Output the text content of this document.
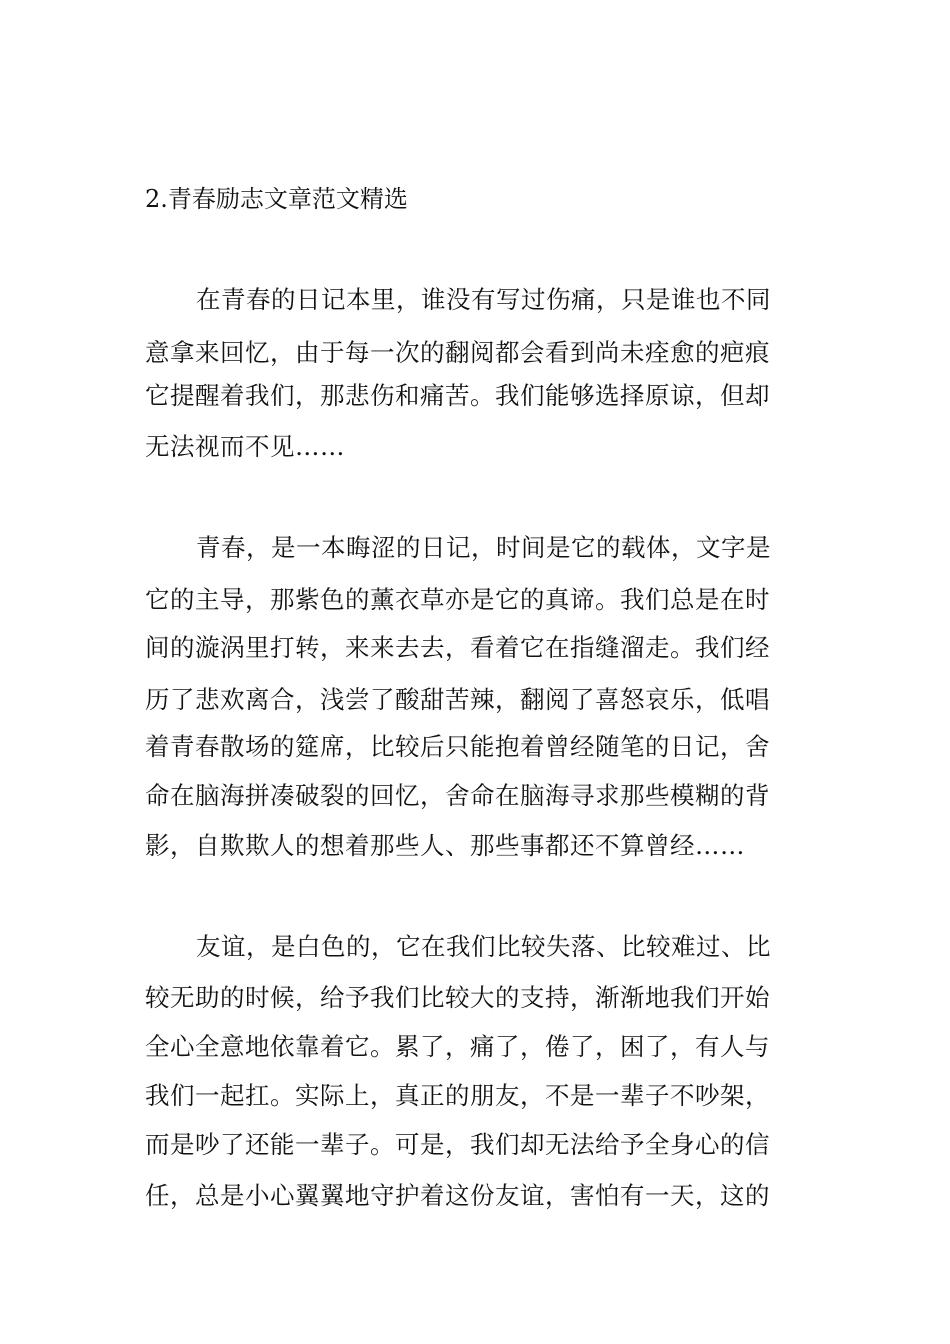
2.青春励志文章范文精选
在青春的日记本里，谁没有写过伤痛，只是谁也不同
意拿来回忆，由于每一次的翻阅都会看到尚未痊愈的疤痕
它提醒着我们，那悲伤和痛苦。我们能够选择原谅，但却
无法视而不见……
青春，是一本晦涩的日记，时间是它的载体，文字是
它的主导，那紫色的薰衣草亦是它的真谛。我们总是在时
间的漩涡里打转，来来去去，看着它在指缝溜走。我们经
历了悲欢离合，浅尝了酸甜苦辣，翻阅了喜怒哀乐，低唱
着青春散场的筵席，比较后只能抱着曾经随笔的日记，舍
命在脑海拼凑破裂的回忆，舍命在脑海寻求那些模糊的背
影，自欺欺人的想着那些人、那些事都还不算曾经……
友谊，是白色的，它在我们比较失落、比较难过、比
较无助的时候，给予我们比较大的支持，渐渐地我们开始
全心全意地依靠着它。累了，痛了，倦了，困了，有人与
我们一起扛。实际上，真正的朋友，不是一辈子不吵架，
而是吵了还能一辈子。可是，我们却无法给予全身心的信
任，总是小心翼翼地守护着这份友谊，害怕有一天，这的
